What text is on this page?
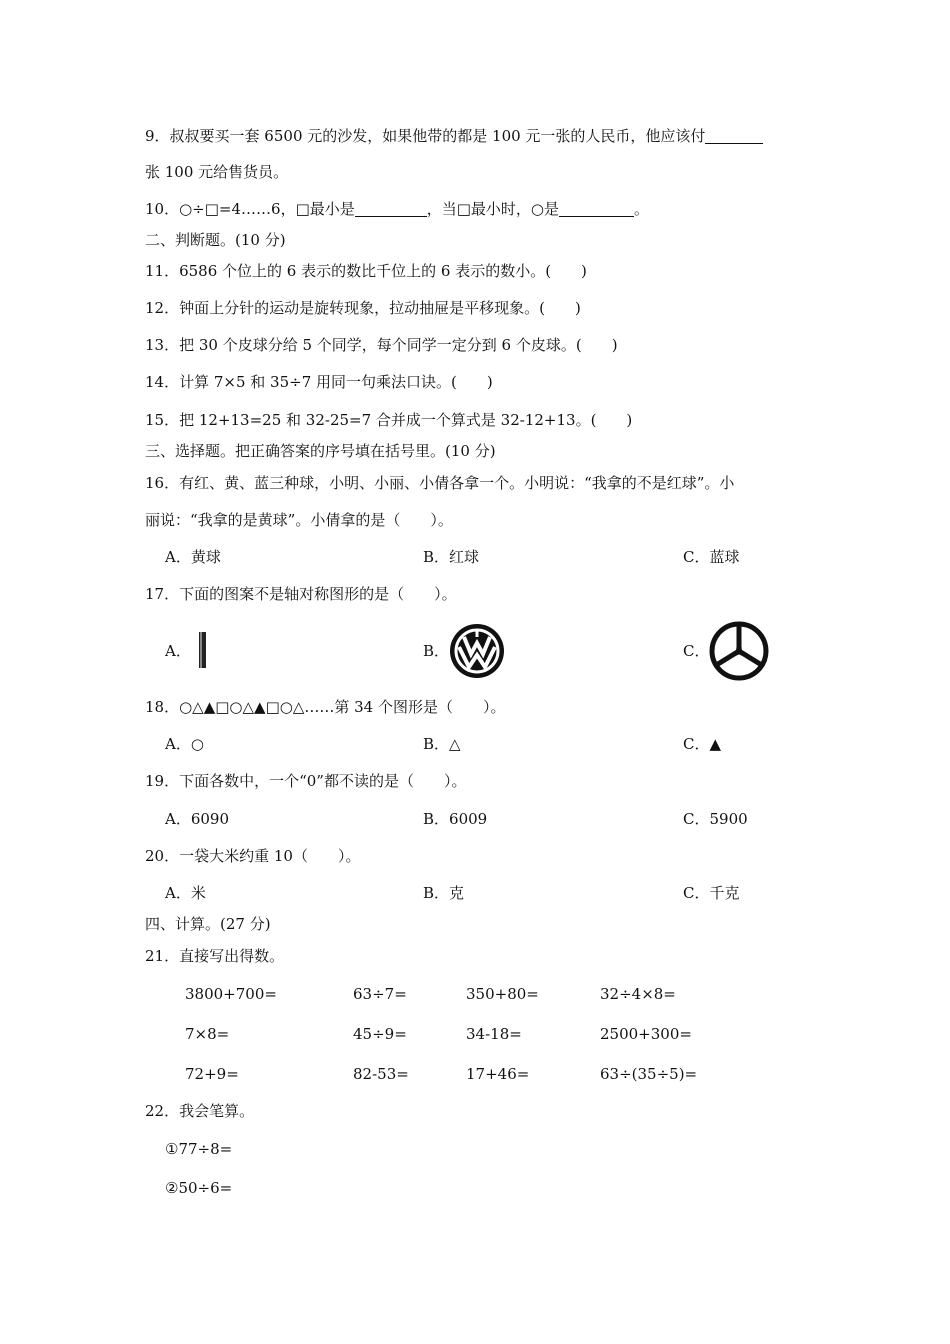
9．叔叔要买一套 6500 元的沙发，如果他带的都是 100 元一张的人民币，他应该付
张 100 元给售货员。
10．○÷□=4……6，□最小是	，当□最小时，○是	。
二、判断题。(10 分)
11．6586 个位上的 6 表示的数比千位上的 6 表示的数小。(　　)
12．钟面上分针的运动是旋转现象，拉动抽屉是平移现象。(　　)
13．把 30 个皮球分给 5 个同学，每个同学一定分到 6 个皮球。(　　)
14．计算 7×5 和 35÷7 用同一句乘法口诀。(　　)
15．把 12+13=25 和 32-25=7 合并成一个算式是 32-12+13。(　　)
三、选择题。把正确答案的序号填在括号里。(10 分)
16．有红、黄、蓝三种球，小明、小丽、小倩各拿一个。小明说：“我拿的不是红球”。小
丽说：“我拿的是黄球”。小倩拿的是（　　）。
A．黄球	B．红球	C．蓝球
17．下面的图案不是轴对称图形的是（　　）。
A．	B．	C．
18．○△▲□○△▲□○△……第 34 个图形是（　　）。
A．○	B．△	C．▲
19．下面各数中，一个“0”都不读的是（　　）。
A．6090	B．6009	C．5900
20．一袋大米约重 10（　　）。
A．米	B．克	C．千克
四、计算。(27 分)
21．直接写出得数。
3800+700=	63÷7=	350+80=	32÷4×8=
7×8=	45÷9=	34-18=	2500+300=
72+9=	82-53=	17+46=	63÷(35÷5)=
22．我会笔算。
①77÷8=
②50÷6=
